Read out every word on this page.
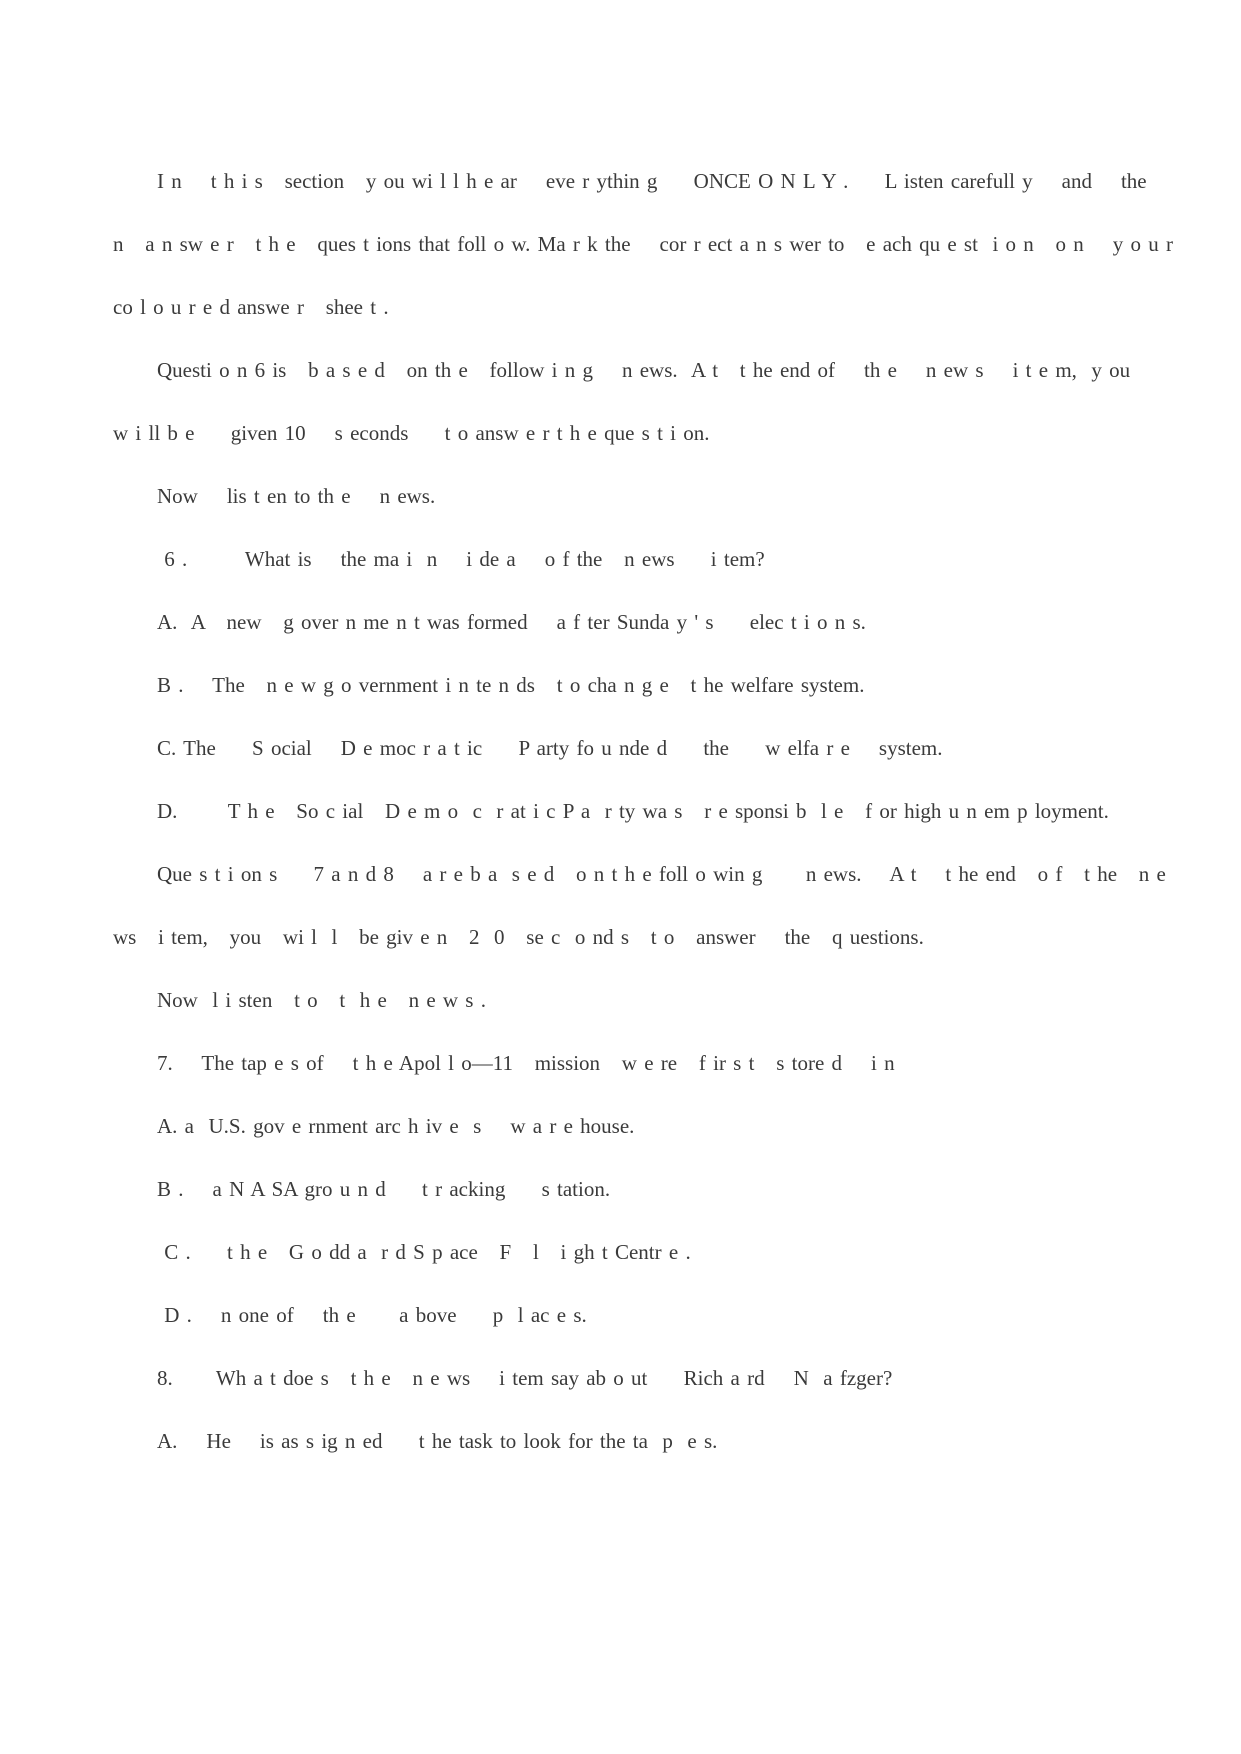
I n    t h i s   section   y ou wi l l h e ar    eve r ythin g     ONCE O N L Y .     L isten carefull y    and    the

n   a n sw e r   t h e   ques t ions that foll o w. Ma r k the    cor r ect a n s wer to   e ach qu e st  i o n   o n    y o u r

co l o u r e d answe r   shee t .

Questi o n 6 is   b a s e d   on th e   follow i n g    n ews.  A t   t he end of    th e    n ew s    i t e m,  y ou

w i ll b e     given 10    s econds     t o answ e r t h e que s t i on.

Now    lis t en to th e    n ews.

6 .        What is    the ma i  n    i de a    o f the   n ews     i tem?

A.  A   new   g over n me n t was formed    a f ter Sunda y ' s     elec t i o n s.

B .    The   n e w g o vernment i n te n ds   t o cha n g e   t he welfare system.

C. The     S ocial    D e moc r a t ic     P arty fo u nde d     the     w elfa r e    system.

D.       T h e   So c ial   D e m o  c  r at i c P a  r ty wa s   r e sponsi b  l e   f or high u n em p loyment.

Que s t i on s     7 a n d 8    a r e b a  s e d   o n t h e foll o win g      n ews.    A t    t he end   o f   t he   n e

ws   i tem,   you   wi l  l   be giv e n   2  0   se c  o nd s   t o   answer    the   q uestions.

Now  l i sten   t o   t  h e   n e w s .

7.    The tap e s of    t h e Apol l o—11   mission   w e re   f ir s t   s tore d    i n

A. a  U.S. gov e rnment arc h iv e  s    w a r e house.

B .    a N A SA gro u n d     t r acking     s tation.

C .     t h e   G o dd a  r d S p ace   F   l   i gh t Centr e .

D .    n one of    th e      a bove     p  l ac e s.

8.      Wh a t doe s   t h e   n e ws    i tem say ab o ut     Rich a rd    N  a fzger?

A.    He    is as s ig n ed     t he task to look for the ta  p  e s.
